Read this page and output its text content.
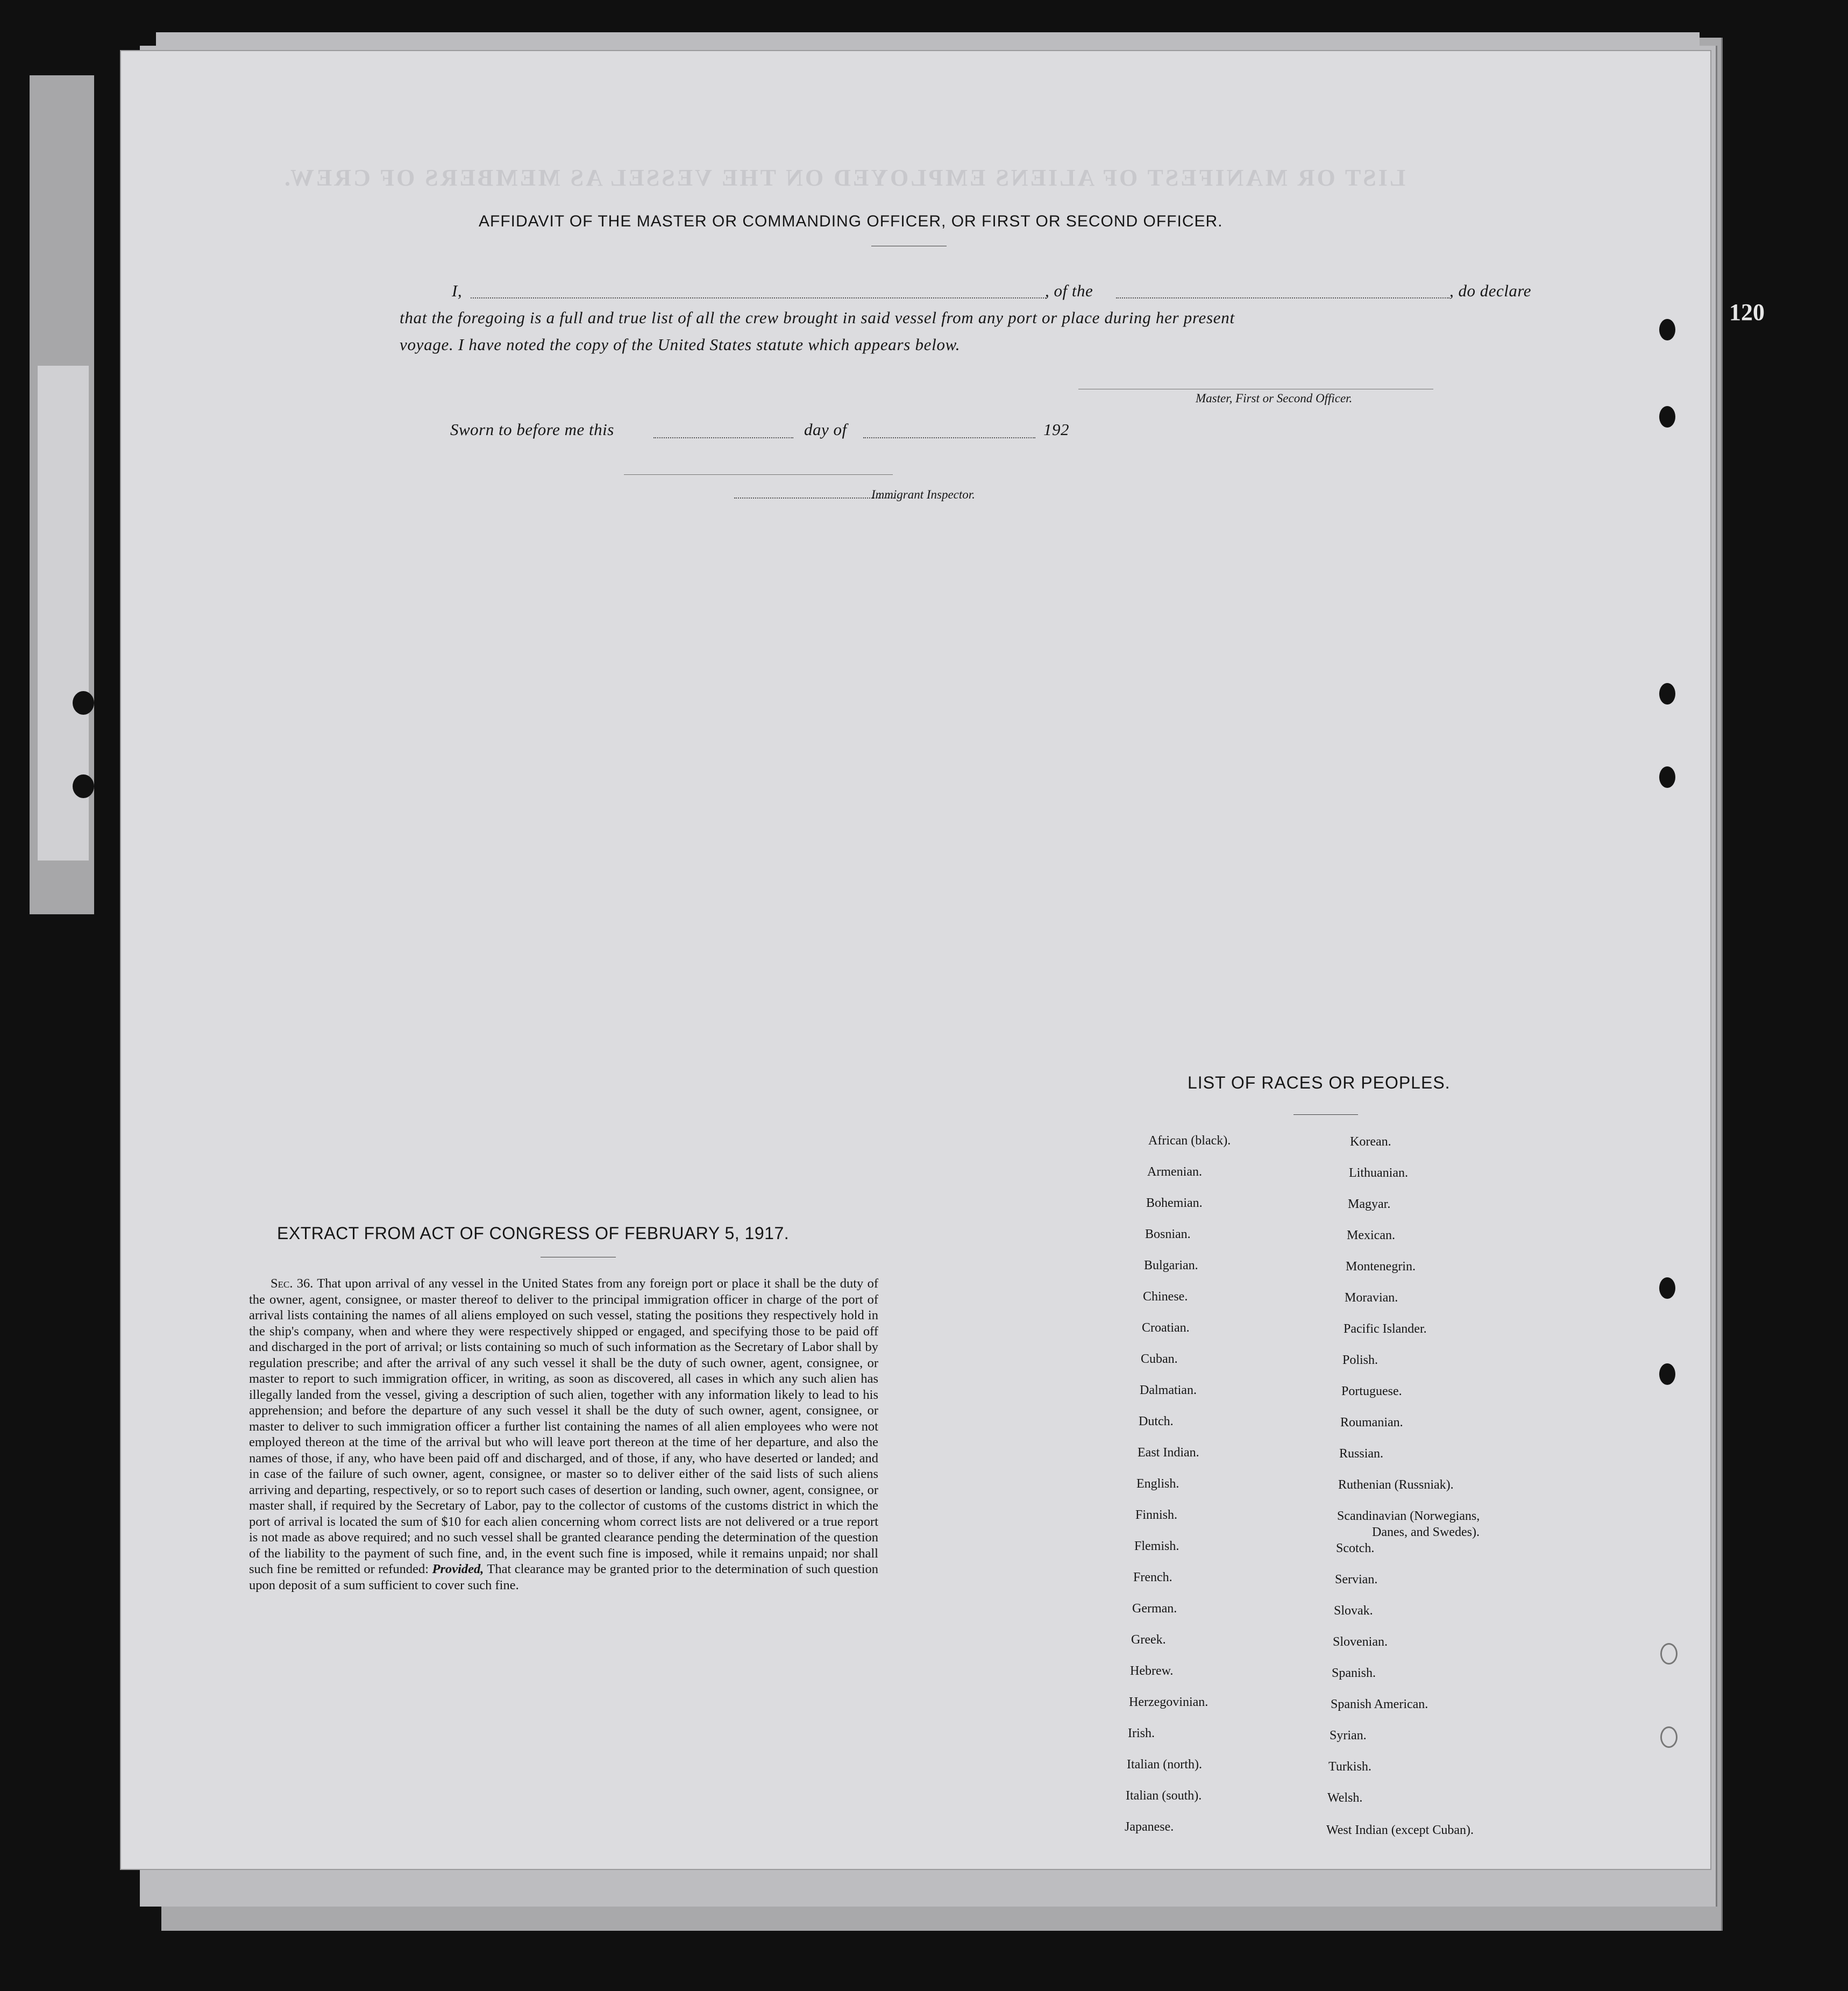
LIST OR MANIFEST OF ALIENS EMPLOYED ON THE VESSEL AS MEMBERS OF CREW.
AFFIDAVIT OF THE MASTER OR COMMANDING OFFICER, OR FIRST OR SECOND OFFICER.
I,	, of the	, do declare
that the foregoing is a full and true list of all the crew brought in said vessel from any port or place during her present
voyage. I have noted the copy of the United States statute which appears below.
Master, First or Second Officer.
Sworn to before me this	day of	192
Immigrant Inspector.
LIST OF RACES OR PEOPLES.
African (black).
Armenian.
Bohemian.
Bosnian.
Bulgarian.
Chinese.
Croatian.
Cuban.
Dalmatian.
Dutch.
East Indian.
English.
Finnish.
Flemish.
French.
German.
Greek.
Hebrew.
Herzegovinian.
Irish.
Italian (north).
Italian (south).
Japanese.
Korean.
Lithuanian.
Magyar.
Mexican.
Montenegrin.
Moravian.
Pacific Islander.
Polish.
Portuguese.
Roumanian.
Russian.
Ruthenian (Russniak).
Scandinavian (Norwegians,
Danes, and Swedes).
Scotch.
Servian.
Slovak.
Slovenian.
Spanish.
Spanish American.
Syrian.
Turkish.
Welsh.
West Indian (except Cuban).
EXTRACT FROM ACT OF CONGRESS OF FEBRUARY 5, 1917.
Sec. 36. That upon arrival of any vessel in the United States from any foreign port or place it shall be the duty of the owner, agent, consignee, or master thereof to deliver to the principal immigration officer in charge of the port of arrival lists containing the names of all aliens employed on such vessel, stating the positions they respectively hold in the ship's company, when and where they were respectively shipped or engaged, and specifying those to be paid off and discharged in the port of arrival; or lists containing so much of such information as the Secretary of Labor shall by regulation prescribe; and after the arrival of any such vessel it shall be the duty of such owner, agent, consignee, or master to report to such immigration officer, in writing, as soon as discovered, all cases in which any such alien has illegally landed from the vessel, giving a description of such alien, together with any information likely to lead to his apprehension; and before the departure of any such vessel it shall be the duty of such owner, agent, consignee, or master to deliver to such immigration officer a further list containing the names of all alien employees who were not employed thereon at the time of the arrival but who will leave port thereon at the time of her departure, and also the names of those, if any, who have been paid off and discharged, and of those, if any, who have deserted or landed; and in case of the failure of such owner, agent, consignee, or master so to deliver either of the said lists of such aliens arriving and departing, respectively, or so to report such cases of desertion or landing, such owner, agent, consignee, or master shall, if required by the Secretary of Labor, pay to the collector of customs of the customs district in which the port of arrival is located the sum of $10 for each alien concerning whom correct lists are not delivered or a true report is not made as above required; and no such vessel shall be granted clearance pending the determination of the question of the liability to the payment of such fine, and, in the event such fine is imposed, while it remains unpaid; nor shall such fine be remitted or refunded: Provided, That clearance may be granted prior to the determination of such question upon deposit of a sum sufficient to cover such fine.
120
